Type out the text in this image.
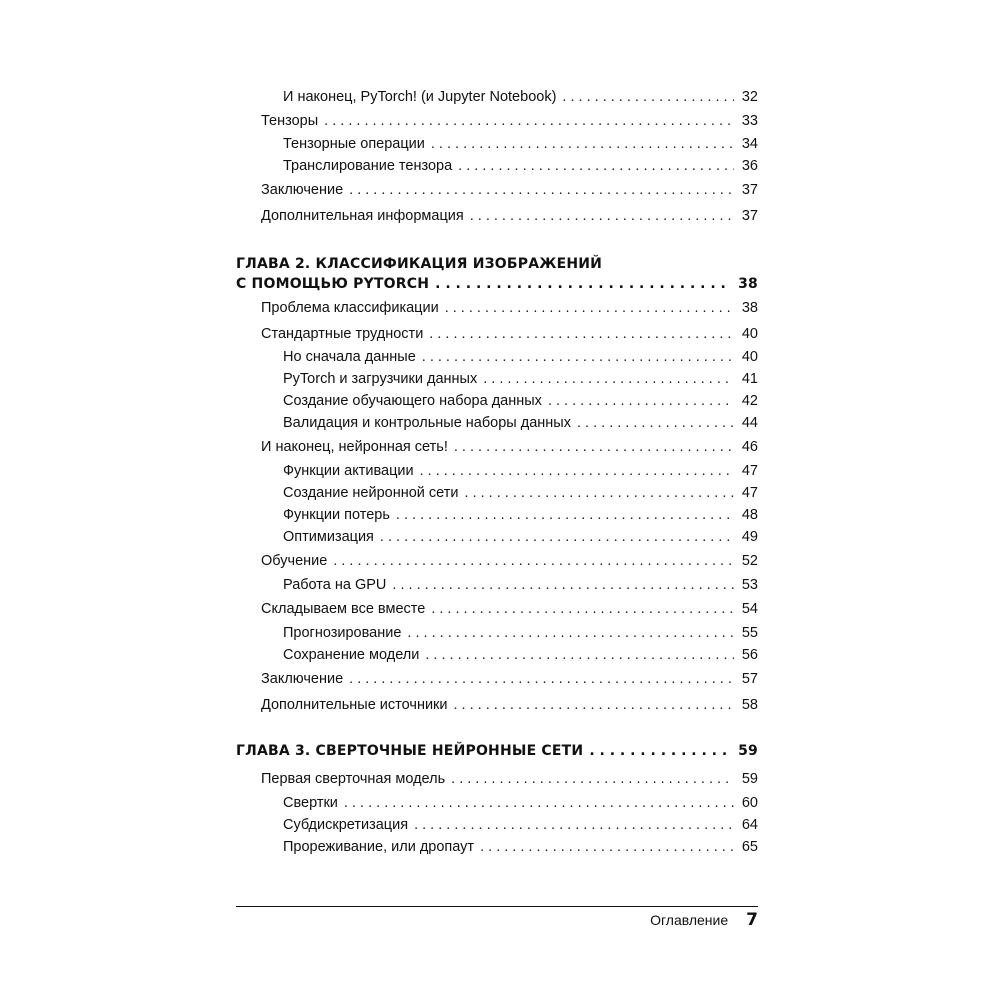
И наконец, PyTorch! (и Jupyter Notebook) . . .	32
Тензоры . . .	33
Тензорные операции . . .	34
Транслирование тензора . . .	36
Заключение . . .	37
Дополнительная информация . . .	37
ГЛАВА 2. КЛАССИФИКАЦИЯ ИЗОБРАЖЕНИЙ
С ПОМОЩЬЮ PYTORCH . . .	38
Проблема классификации . . .	38
Стандартные трудности . . .	40
Но сначала данные . . .	40
PyTorch и загрузчики данных . . .	41
Создание обучающего набора данных . . .	42
Валидация и контрольные наборы данных . . .	44
И наконец, нейронная сеть! . . .	46
Функции активации . . .	47
Создание нейронной сети . . .	47
Функции потерь . . .	48
Оптимизация . . .	49
Обучение . . .	52
Работа на GPU . . .	53
Складываем все вместе . . .	54
Прогнозирование . . .	55
Сохранение модели . . .	56
Заключение . . .	57
Дополнительные источники . . .	58
ГЛАВА 3. СВЕРТОЧНЫЕ НЕЙРОННЫЕ СЕТИ . . .	59
Первая сверточная модель . . .	59
Свертки . . .	60
Субдискретизация . . .	64
Прореживание, или дропаут . . .	65
Оглавление 7
